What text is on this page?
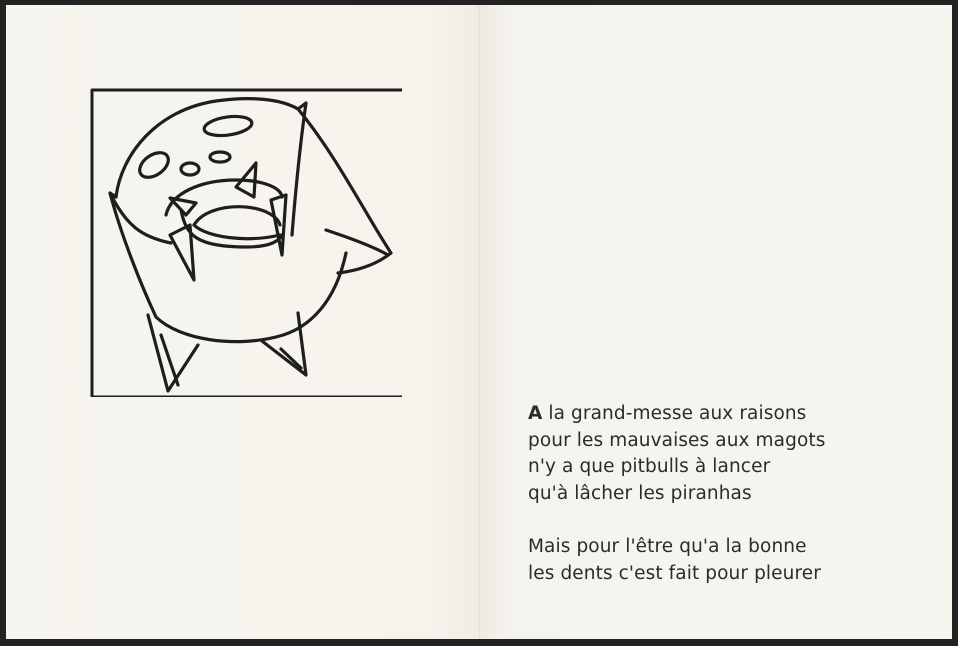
A la grand-messe aux raisons
pour les mauvaises aux magots
n'y a que pitbulls à lancer
qu'à lâcher les piranhas
Mais pour l'être qu'a la bonne
les dents c'est fait pour pleurer
